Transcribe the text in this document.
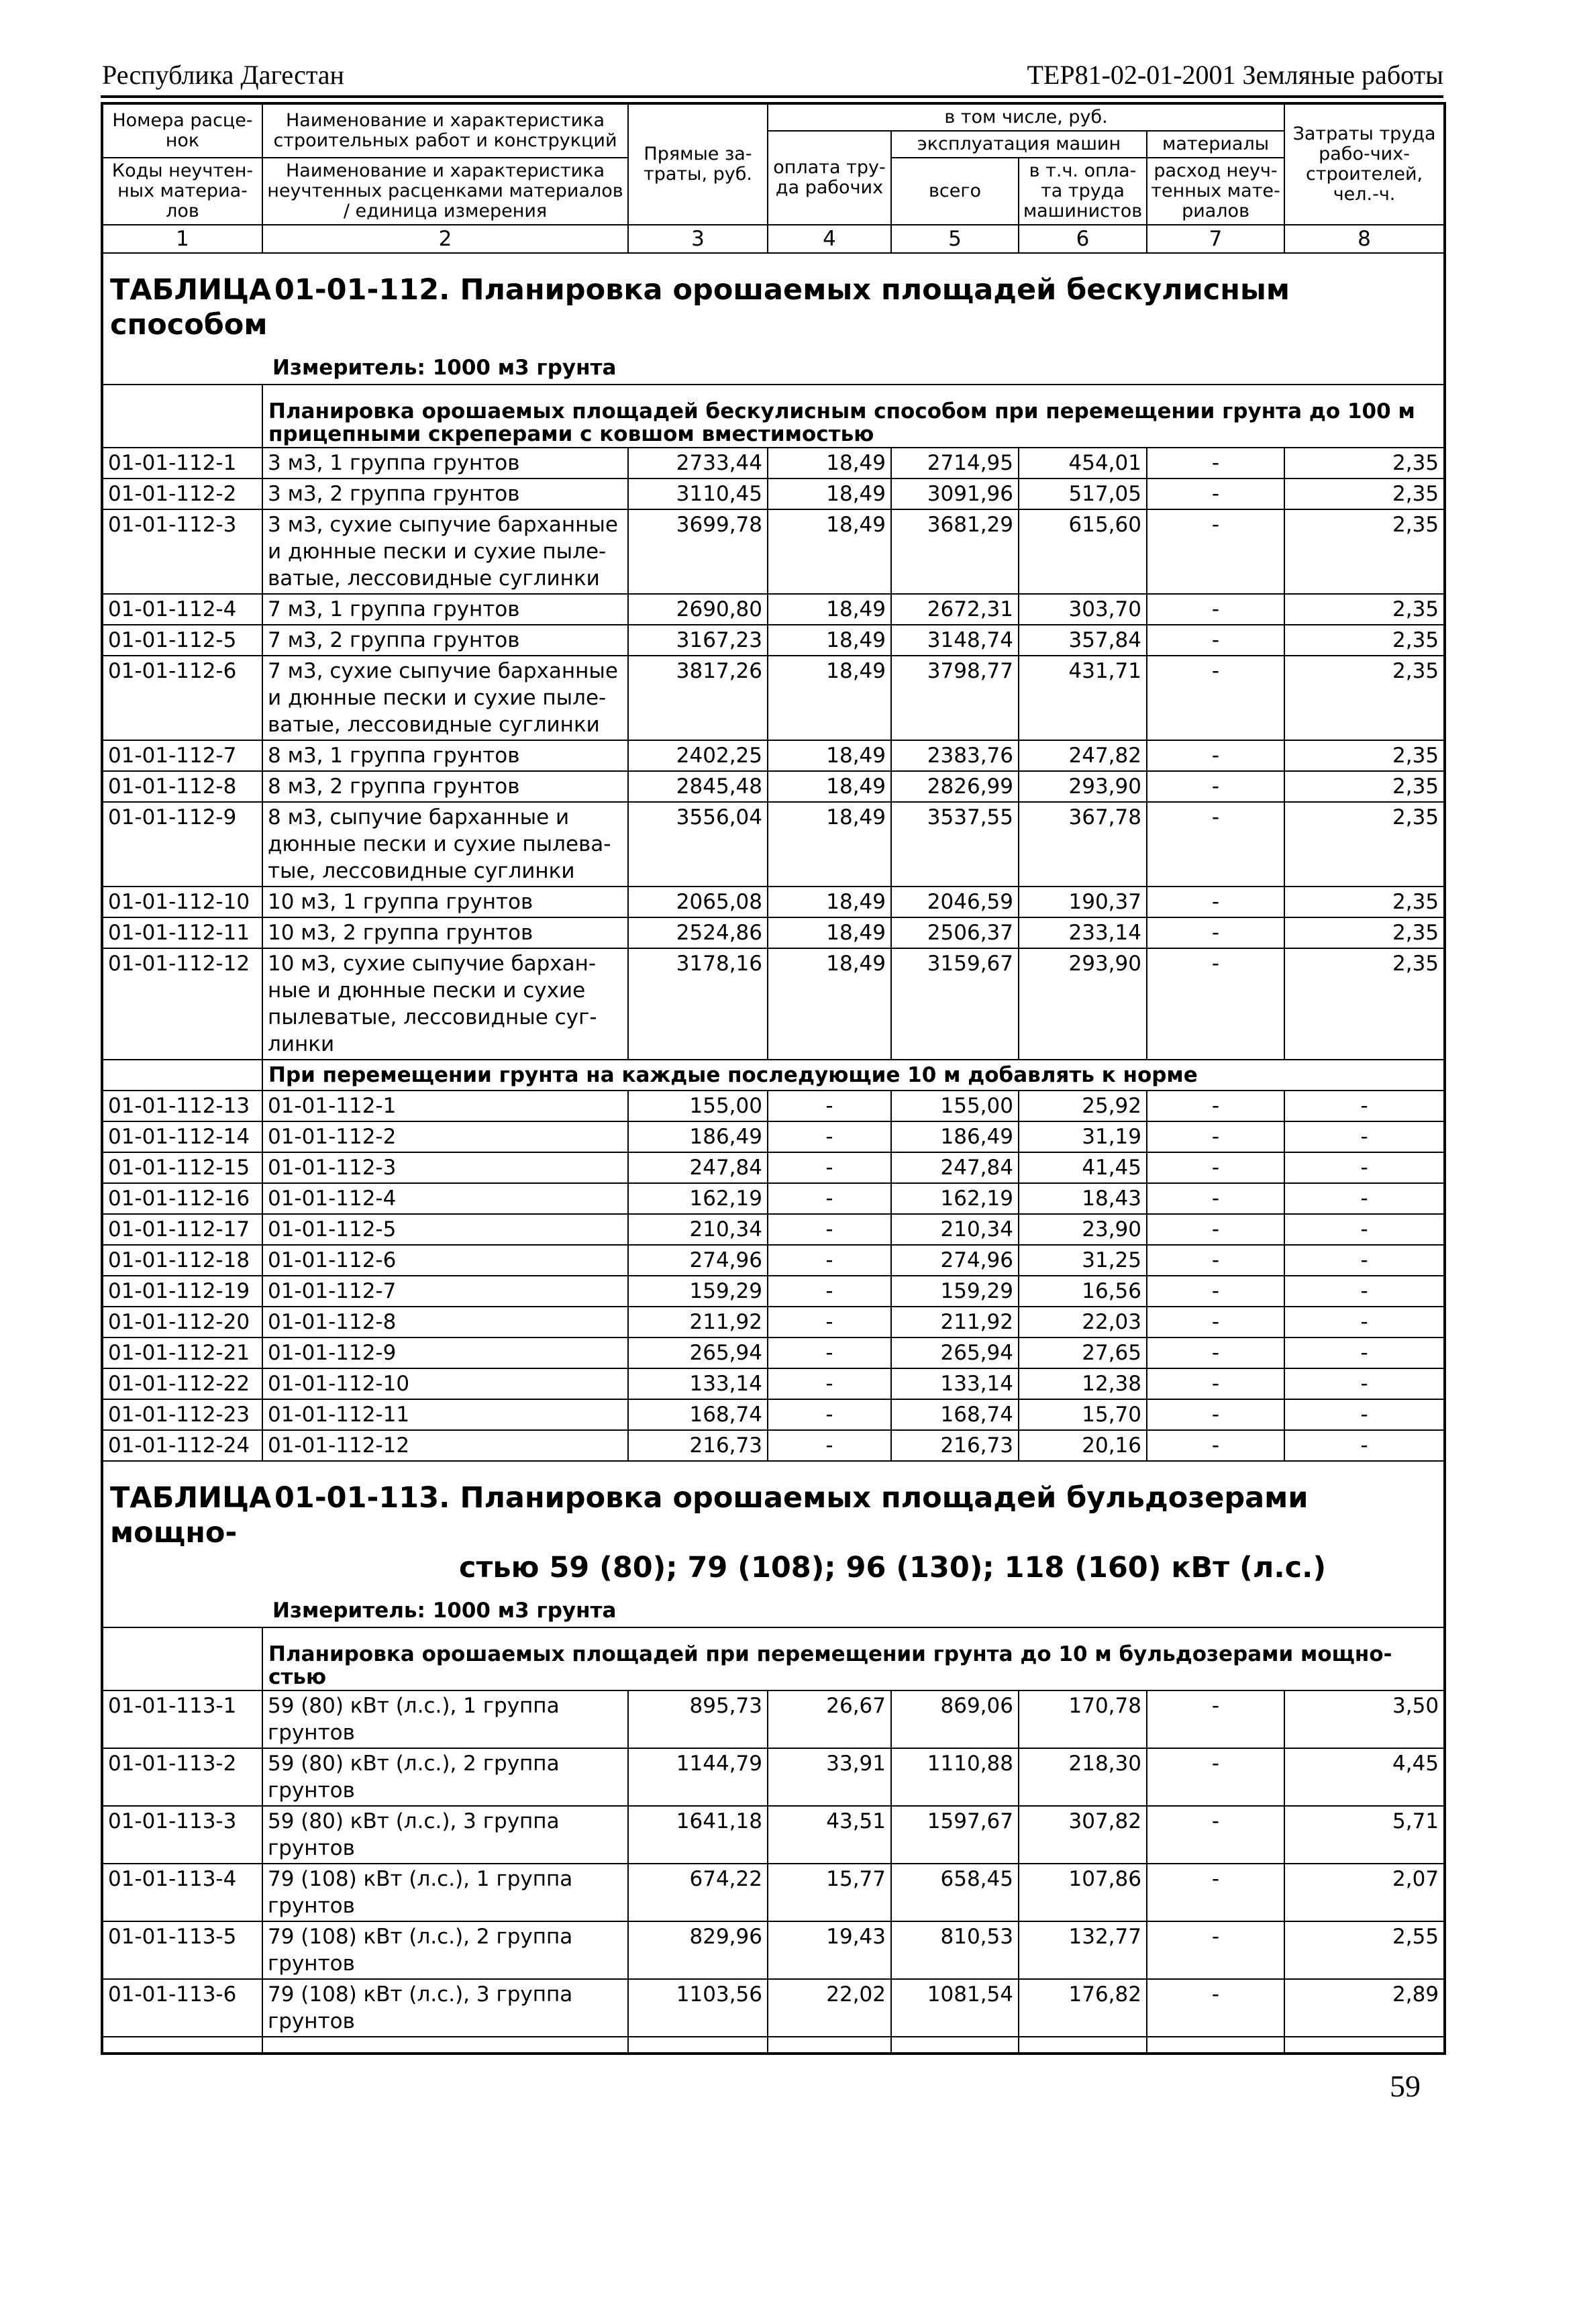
Республика Дагестан	ТЕР81-02-01-2001 Земляные работы
Номера расце-нок	Наименование и характеристика строительных работ и конструкций	Прямые за-траты, руб.	в том числе, руб.				Затраты труда рабо-чих-строителей, чел.-ч.
			оплата тру-да рабочих	эксплуатация машин		материалы	
Коды неучтен-ных материа-лов	Наименование и характеристика неучтенных расценками материалов / единица измерения			всего	в т.ч. опла-та труда машинистов	расход неуч-тенных мате-риалов	

1	2	3	4	5	6	7	8

ТАБЛИЦА 01-01-112. Планировка орошаемых площадей бескулисным способом
Измеритель: 1000 м3 грунта							

	Планировка орошаемых площадей бескулисным способом при перемещении грунта до 100 м прицепными скреперами с ковшом вместимостью						
01-01-112-1	3 м3, 1 группа грунтов	2733,44	18,49	2714,95	454,01	-	2,35
01-01-112-2	3 м3, 2 группа грунтов	3110,45	18,49	3091,96	517,05	-	2,35
01-01-112-3	3 м3, сухие сыпучие барханные и дюнные пески и сухие пыле-ватые, лессовидные суглинки	3699,78	18,49	3681,29	615,60	-	2,35
01-01-112-4	7 м3, 1 группа грунтов	2690,80	18,49	2672,31	303,70	-	2,35
01-01-112-5	7 м3, 2 группа грунтов	3167,23	18,49	3148,74	357,84	-	2,35
01-01-112-6	7 м3, сухие сыпучие барханные и дюнные пески и сухие пыле-ватые, лессовидные суглинки	3817,26	18,49	3798,77	431,71	-	2,35
01-01-112-7	8 м3, 1 группа грунтов	2402,25	18,49	2383,76	247,82	-	2,35
01-01-112-8	8 м3, 2 группа грунтов	2845,48	18,49	2826,99	293,90	-	2,35
01-01-112-9	8 м3, сыпучие барханные и дюнные пески и сухие пылева-тые, лессовидные суглинки	3556,04	18,49	3537,55	367,78	-	2,35
01-01-112-10	10 м3, 1 группа грунтов	2065,08	18,49	2046,59	190,37	-	2,35
01-01-112-11	10 м3, 2 группа грунтов	2524,86	18,49	2506,37	233,14	-	2,35
01-01-112-12	10 м3, сухие сыпучие бархан-ные и дюнные пески и сухие пылеватые, лессовидные суг-линки	3178,16	18,49	3159,67	293,90	-	2,35
	При перемещении грунта на каждые последующие 10 м добавлять к норме						
01-01-112-13	01-01-112-1	155,00	-	155,00	25,92	-	-
01-01-112-14	01-01-112-2	186,49	-	186,49	31,19	-	-
01-01-112-15	01-01-112-3	247,84	-	247,84	41,45	-	-
01-01-112-16	01-01-112-4	162,19	-	162,19	18,43	-	-
01-01-112-17	01-01-112-5	210,34	-	210,34	23,90	-	-
01-01-112-18	01-01-112-6	274,96	-	274,96	31,25	-	-
01-01-112-19	01-01-112-7	159,29	-	159,29	16,56	-	-
01-01-112-20	01-01-112-8	211,92	-	211,92	22,03	-	-
01-01-112-21	01-01-112-9	265,94	-	265,94	27,65	-	-
01-01-112-22	01-01-112-10	133,14	-	133,14	12,38	-	-
01-01-112-23	01-01-112-11	168,74	-	168,74	15,70	-	-
01-01-112-24	01-01-112-12	216,73	-	216,73	20,16	-	-

ТАБЛИЦА 01-01-113. Планировка орошаемых площадей бульдозерами мощно-
стью 59 (80); 79 (108); 96 (130); 118 (160) кВт (л.с.)
Измеритель: 1000 м3 грунта							

	Планировка орошаемых площадей при перемещении грунта до 10 м бульдозерами мощно-стью						
01-01-113-1	59 (80) кВт (л.с.), 1 группа грунтов	895,73	26,67	869,06	170,78	-	3,50
01-01-113-2	59 (80) кВт (л.с.), 2 группа грунтов	1144,79	33,91	1110,88	218,30	-	4,45
01-01-113-3	59 (80) кВт (л.с.), 3 группа грунтов	1641,18	43,51	1597,67	307,82	-	5,71
01-01-113-4	79 (108) кВт (л.с.), 1 группа грунтов	674,22	15,77	658,45	107,86	-	2,07
01-01-113-5	79 (108) кВт (л.с.), 2 группа грунтов	829,96	19,43	810,53	132,77	-	2,55
01-01-113-6	79 (108) кВт (л.с.), 3 группа грунтов	1103,56	22,02	1081,54	176,82	-	2,89

59
